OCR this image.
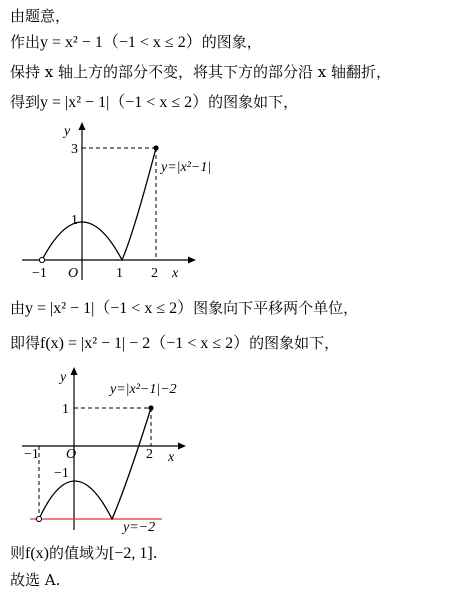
由题意，
作出y = x² − 1（−1 < x ≤ 2）的图象，
保持 x 轴上方的部分不变，将其下方的部分沿 x 轴翻折，
得到y = |x² − 1|（−1 < x ≤ 2）的图象如下，
y
x
O
−1	1 2
1
3
y=|x²−1|
由y = |x² − 1|（−1 < x ≤ 2）图象向下平移两个单位，
即得f(x) = |x² − 1| − 2（−1 < x ≤ 2）的图象如下，
y
x
O
−1	2
1
−1
y=|x²−1|−2
y=−2
则f(x)的值域为[−2, 1].
故选 A.
